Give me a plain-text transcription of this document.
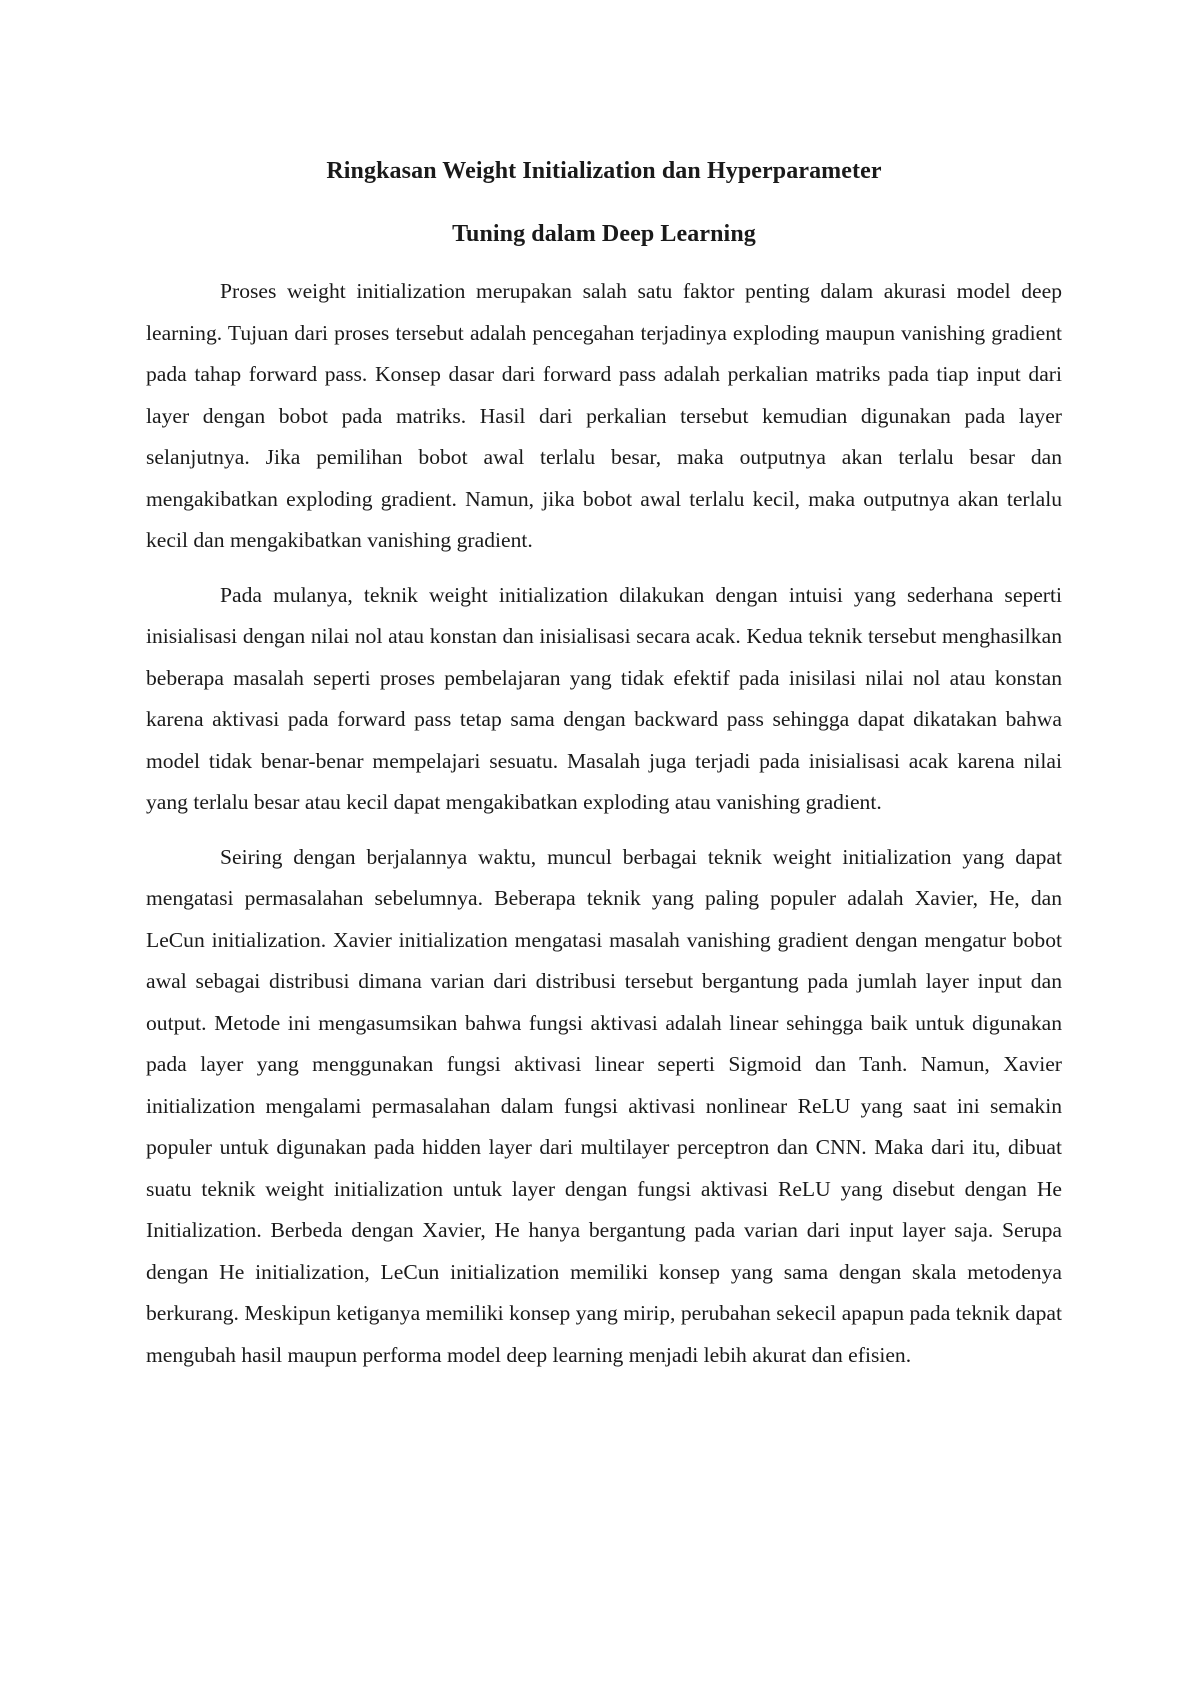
Ringkasan Weight Initialization dan Hyperparameter

Tuning dalam Deep Learning

Proses weight initialization merupakan salah satu faktor penting dalam akurasi model deep learning. Tujuan dari proses tersebut adalah pencegahan terjadinya exploding maupun vanishing gradient pada tahap forward pass. Konsep dasar dari forward pass adalah perkalian matriks pada tiap input dari layer dengan bobot pada matriks. Hasil dari perkalian tersebut kemudian digunakan pada layer selanjutnya. Jika pemilihan bobot awal terlalu besar, maka outputnya akan terlalu besar dan mengakibatkan exploding gradient. Namun, jika bobot awal terlalu kecil, maka outputnya akan terlalu kecil dan mengakibatkan vanishing gradient.

Pada mulanya, teknik weight initialization dilakukan dengan intuisi yang sederhana seperti inisialisasi dengan nilai nol atau konstan dan inisialisasi secara acak. Kedua teknik tersebut menghasilkan beberapa masalah seperti proses pembelajaran yang tidak efektif pada inisilasi nilai nol atau konstan karena aktivasi pada forward pass tetap sama dengan backward pass sehingga dapat dikatakan bahwa model tidak benar-benar mempelajari sesuatu. Masalah juga terjadi pada inisialisasi acak karena nilai yang terlalu besar atau kecil dapat mengakibatkan exploding atau vanishing gradient.

Seiring dengan berjalannya waktu, muncul berbagai teknik weight initialization yang dapat mengatasi permasalahan sebelumnya. Beberapa teknik yang paling populer adalah Xavier, He, dan LeCun initialization. Xavier initialization mengatasi masalah vanishing gradient dengan mengatur bobot awal sebagai distribusi dimana varian dari distribusi tersebut bergantung pada jumlah layer input dan output. Metode ini mengasumsikan bahwa fungsi aktivasi adalah linear sehingga baik untuk digunakan pada layer yang menggunakan fungsi aktivasi linear seperti Sigmoid dan Tanh. Namun, Xavier initialization mengalami permasalahan dalam fungsi aktivasi nonlinear ReLU yang saat ini semakin populer untuk digunakan pada hidden layer dari multilayer perceptron dan CNN. Maka dari itu, dibuat suatu teknik weight initialization untuk layer dengan fungsi aktivasi ReLU yang disebut dengan He Initialization. Berbeda dengan Xavier, He hanya bergantung pada varian dari input layer saja. Serupa dengan He initialization, LeCun initialization memiliki konsep yang sama dengan skala metodenya berkurang. Meskipun ketiganya memiliki konsep yang mirip, perubahan sekecil apapun pada teknik dapat mengubah hasil maupun performa model deep learning menjadi lebih akurat dan efisien.
